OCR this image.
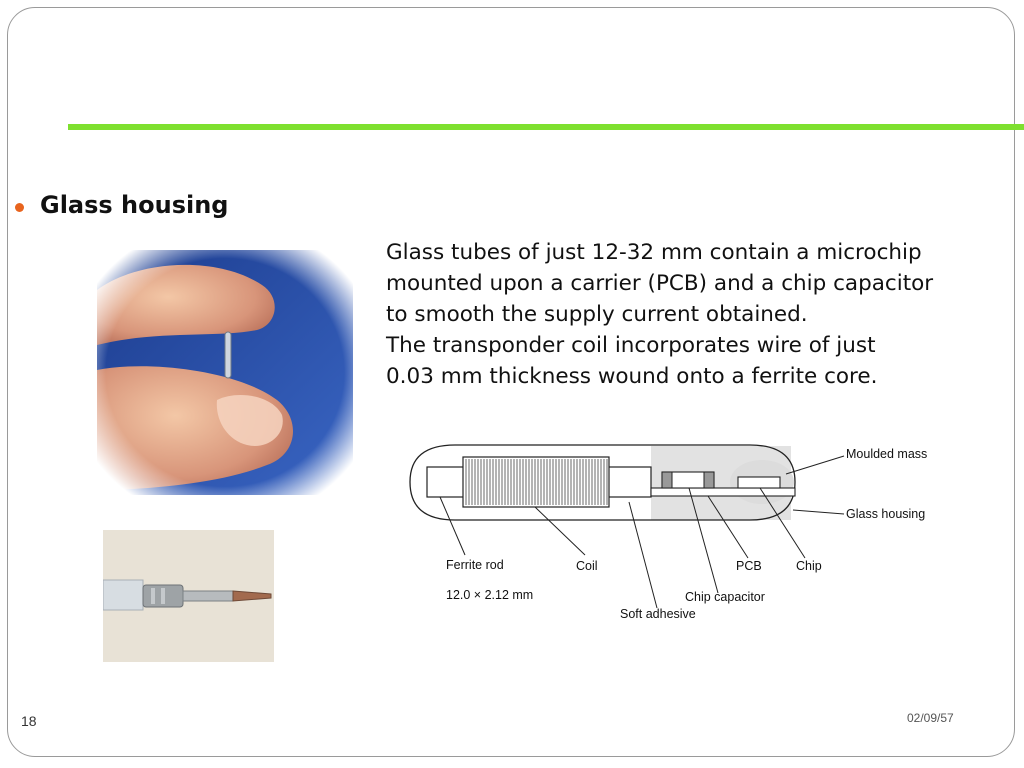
Glass housing

Glass tubes of just 12-32 mm contain a microchip

mounted upon a carrier (PCB) and a chip capacitor

to smooth the supply current obtained.

The transponder coil incorporates wire of just

0.03 mm thickness wound onto a ferrite core.

Moulded mass
Glass housing
Ferrite rod
12.0 × 2.12 mm
Coil	PCB	Chip
Chip capacitor
Soft adhesive
18	02/09/57
